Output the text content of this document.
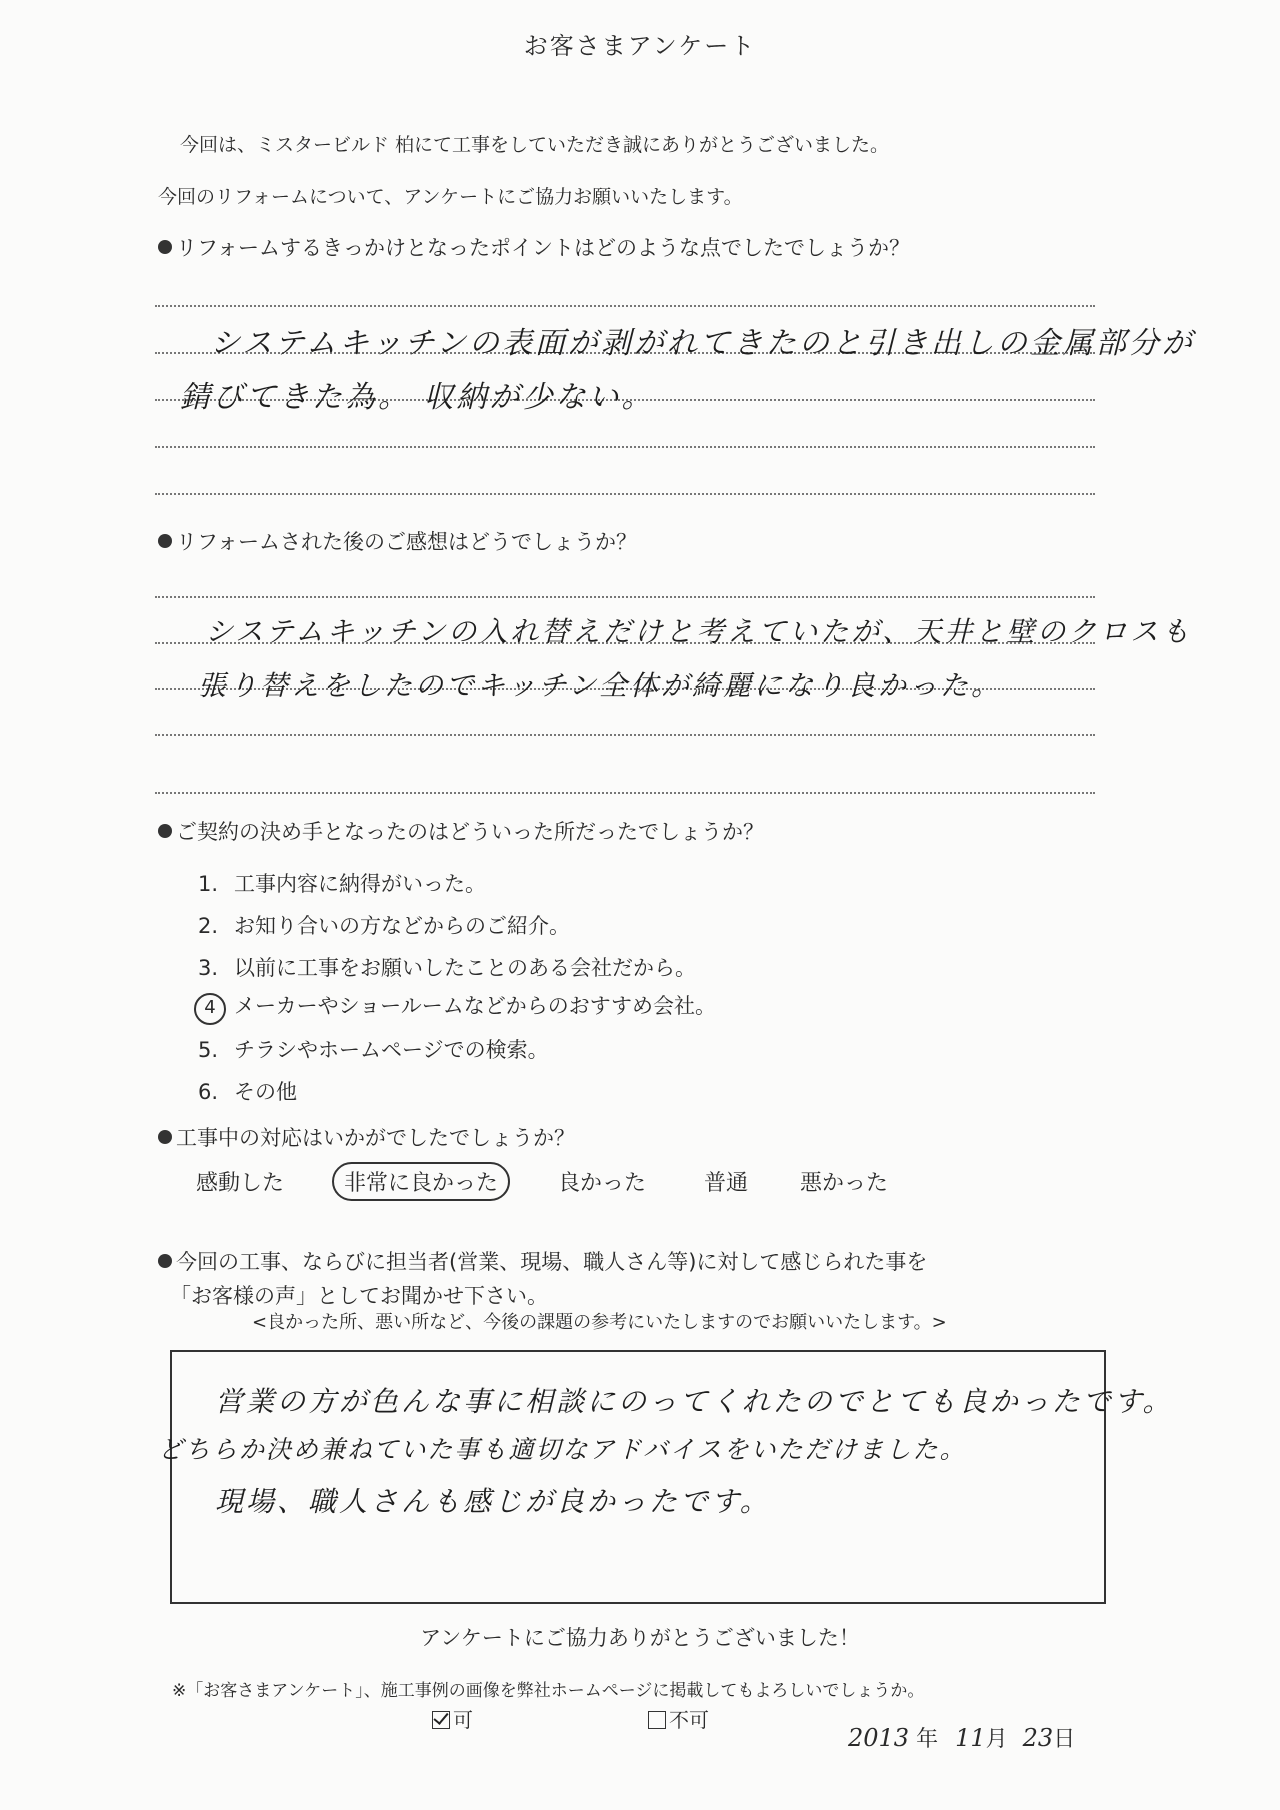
お客さまアンケート
今回は、ミスタービルド 柏にて工事をしていただき誠にありがとうございました。
今回のリフォームについて、アンケートにご協力お願いいたします。
リフォームするきっかけとなったポイントはどのような点でしたでしょうか？
システムキッチンの表面が剥がれてきたのと引き出しの金属部分が
錆びてきた為。 収納が少ない。
リフォームされた後のご感想はどうでしょうか？
システムキッチンの入れ替えだけと考えていたが、天井と壁のクロスも
張り替えをしたのでキッチン全体が綺麗になり良かった。
ご契約の決め手となったのはどういった所だったでしょうか？
1. 工事内容に納得がいった。
2. お知り合いの方などからのご紹介。
3. 以前に工事をお願いしたことのある会社だから。
4 メーカーやショールームなどからのおすすめ会社。
5. チラシやホームページでの検索。
6. その他
工事中の対応はいかがでしたでしょうか？
感動した	非常に良かった	良かった	普通 悪かった
今回の工事、ならびに担当者(営業、現場、職人さん等)に対して感じられた事を
「お客様の声」としてお聞かせ下さい。
<良かった所、悪い所など、今後の課題の参考にいたしますのでお願いいたします。>
営業の方が色んな事に相談にのってくれたのでとても良かったです。
どちらか決め兼ねていた事も適切なアドバイスをいただけました。
現場、職人さんも感じが良かったです。
アンケートにご協力ありがとうございました！
※「お客さまアンケート」、施工事例の画像を弊社ホームページに掲載してもよろしいでしょうか。
可	不可
2013 年 11月 23日
